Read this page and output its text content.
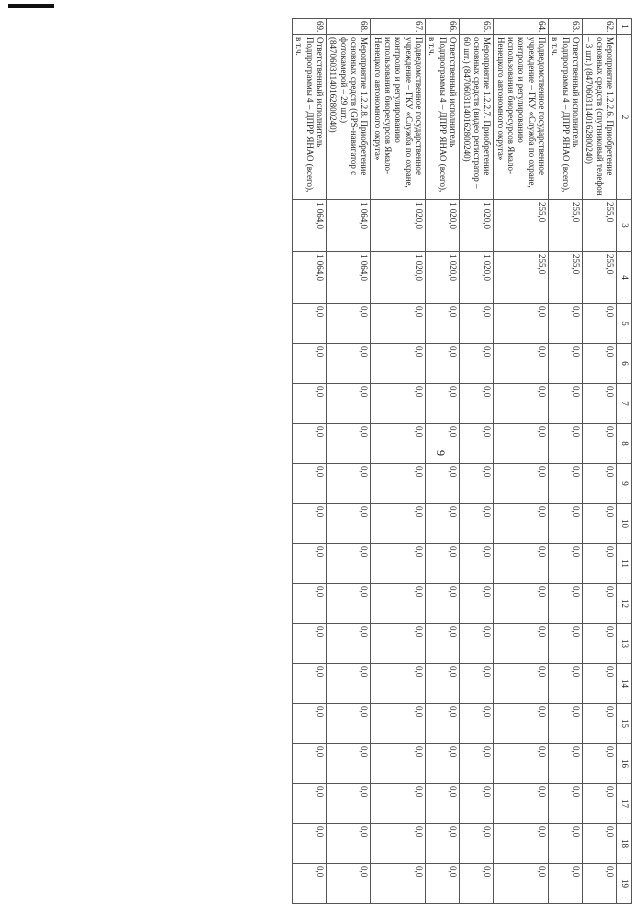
9
1	2	3	4	5	6	7	8	9	10	11	12	13	14	15	16	17	18	19
62.	Мероприятие 1.2.2.6. Приобретение основных средств (спутниковый телефон – 3 шт.) (84706031140162800240)	255,0	255,0	0,0	0,0	0,0	0,0	0,0	0,0	0,0	0,0	0,0	0,0	0,0	0,0	0,0	0,0	0,0
63.	Ответственный исполнитель Подпрограммы 4 – ДПРР ЯНАО (всего), в т.ч.	255,0	255,0	0,0	0,0	0,0	0,0	0,0	0,0	0,0	0,0	0,0	0,0	0,0	0,0	0,0	0,0	0,0
64.	Подведомственное государственное учреждение – ГКУ «Служба по охране, контролю и регулированию использования биоресурсов Ямало-Ненецкого автономного округа»	255,0	255,0	0,0	0,0	0,0	0,0	0,0	0,0	0,0	0,0	0,0	0,0	0,0	0,0	0,0	0,0	0,0
65.	Мероприятие 1.2.2.7. Приобретение основных средств (видео регистратор – 60 шт.) (84706031140162800240)	1 020,0	1 020,0	0,0	0,0	0,0	0,0	0,0	0,0	0,0	0,0	0,0	0,0	0,0	0,0	0,0	0,0	0,0
66.	Ответственный исполнитель Подпрограммы 4 – ДПРР ЯНАО (всего), в т.ч.	1 020,0	1 020,0	0,0	0,0	0,0	0,0	0,0	0,0	0,0	0,0	0,0	0,0	0,0	0,0	0,0	0,0	0,0
67.	Подведомственное государственное учреждение – ГКУ «Служба по охране, контролю и регулированию использования биоресурсов Ямало-Ненецкого автономного округа»	1 020,0	1 020,0	0,0	0,0	0,0	0,0	0,0	0,0	0,0	0,0	0,0	0,0	0,0	0,0	0,0	0,0	0,0
68.	Мероприятие 1.2.2.8. Приобретение основных средств (GPS-навигатор с фотокамерой – 29 шт.) (84706031140162800240)	1 064,0	1 064,0	0,0	0,0	0,0	0,0	0,0	0,0	0,0	0,0	0,0	0,0	0,0	0,0	0,0	0,0	0,0
69.	Ответственный исполнитель Подпрограммы 4 – ДПРР ЯНАО (всего), в т.ч.	1 064,0	1 064,0	0,0	0,0	0,0	0,0	0,0	0,0	0,0	0,0	0,0	0,0	0,0	0,0	0,0	0,0	0,0
